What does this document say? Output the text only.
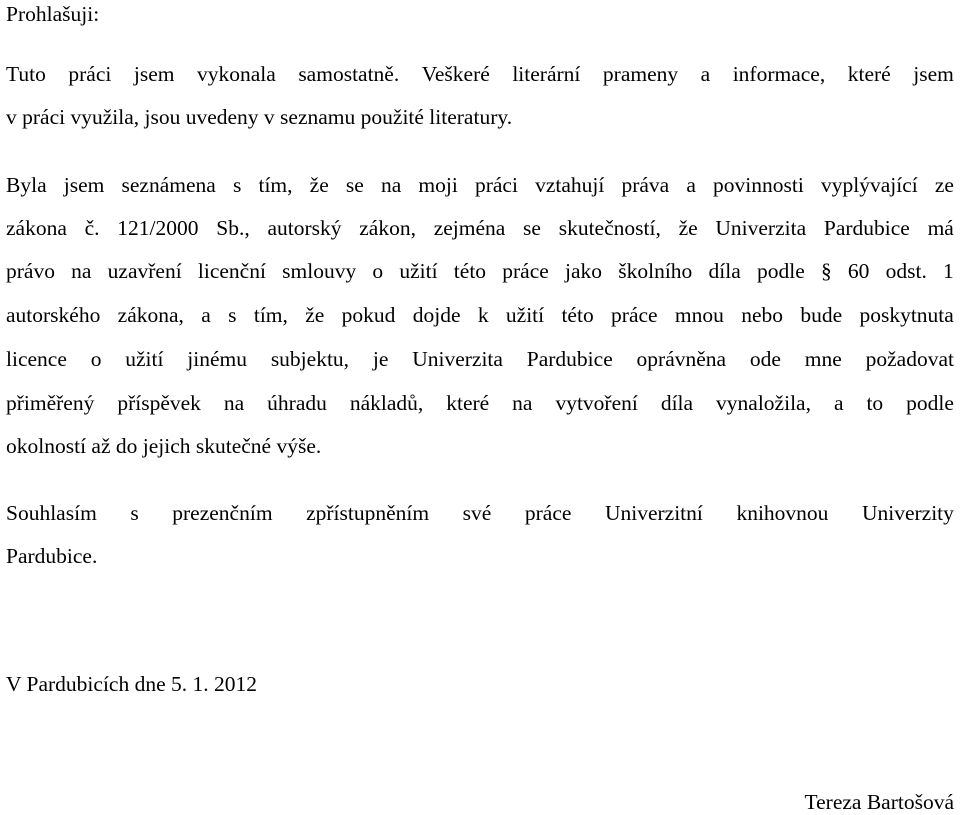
Prohlašuji:
Tuto práci jsem vykonala samostatně. Veškeré literární prameny a informace, které jsem
v práci využila, jsou uvedeny v seznamu použité literatury.
Byla jsem seznámena s tím, že se na moji práci vztahují práva a povinnosti vyplývající ze
zákona č. 121/2000 Sb., autorský zákon, zejména se skutečností, že Univerzita Pardubice má
právo na uzavření licenční smlouvy o užití této práce jako školního díla podle § 60 odst. 1
autorského zákona, a s tím, že pokud dojde k užití této práce mnou nebo bude poskytnuta
licence o užití jinému subjektu, je Univerzita Pardubice oprávněna ode mne požadovat
přiměřený příspěvek na úhradu nákladů, které na vytvoření díla vynaložila, a to podle
okolností až do jejich skutečné výše.
Souhlasím s prezenčním zpřístupněním své práce Univerzitní knihovnou Univerzity
Pardubice.
V Pardubicích dne 5. 1. 2012
Tereza Bartošová
